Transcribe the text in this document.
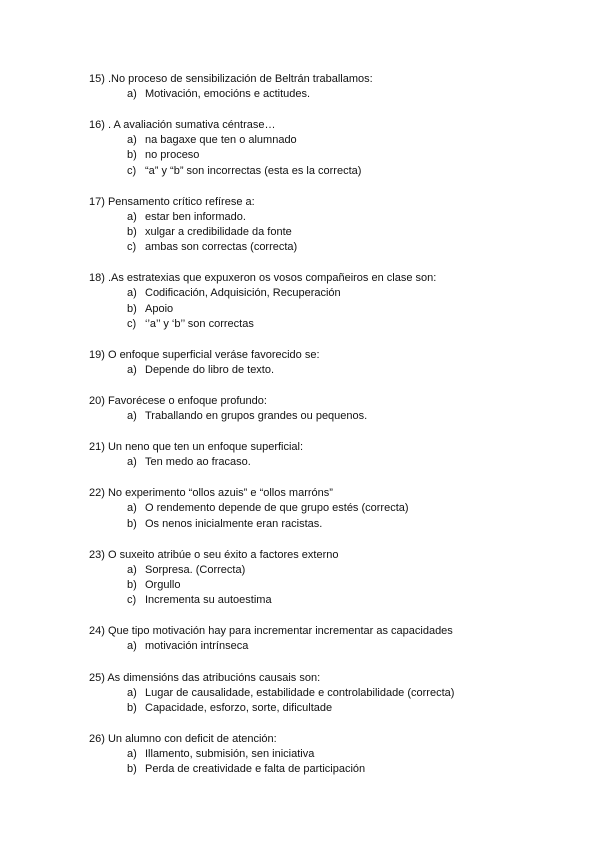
15) .No proceso de sensibilización de Beltrán traballamos:

a) Motivación, emocións e actitudes.

16) . A avaliación sumativa céntrase…

a) na bagaxe que ten o alumnado
b) no proceso
c) “a” y “b” son incorrectas (esta es la correcta)

17) Pensamento crítico refírese a:

a) estar ben informado.
b) xulgar a credibilidade da fonte
c) ambas son correctas (correcta)

18) .As estratexias que expuxeron os vosos compañeiros en clase son:

a) Codificación, Adquisición, Recuperación
b) Apoio
c) ‘’a’’ y ‘b’’ son correctas

19) O enfoque superficial veráse favorecido se:

a) Depende do libro de texto.

20) Favorécese o enfoque profundo:

a) Traballando en grupos grandes ou pequenos.

21) Un neno que ten un enfoque superficial:

a) Ten medo ao fracaso.

22) No experimento “ollos azuis” e “ollos marróns”

a) O rendemento depende de que grupo estés (correcta)
b) Os nenos inicialmente eran racistas.

23) O suxeito atribúe o seu éxito a factores externo

a) Sorpresa. (Correcta)
b) Orgullo
c) Incrementa su autoestima

24) Que tipo motivación hay para incrementar incrementar as capacidades

a) motivación intrínseca

25) As dimensións das atribucións causais son:

a) Lugar de causalidade, estabilidade e controlabilidade (correcta)
b) Capacidade, esforzo, sorte, dificultade

26) Un alumno con deficit de atención:

a) Illamento, submisión, sen iniciativa
b) Perda de creatividade e falta de participación
